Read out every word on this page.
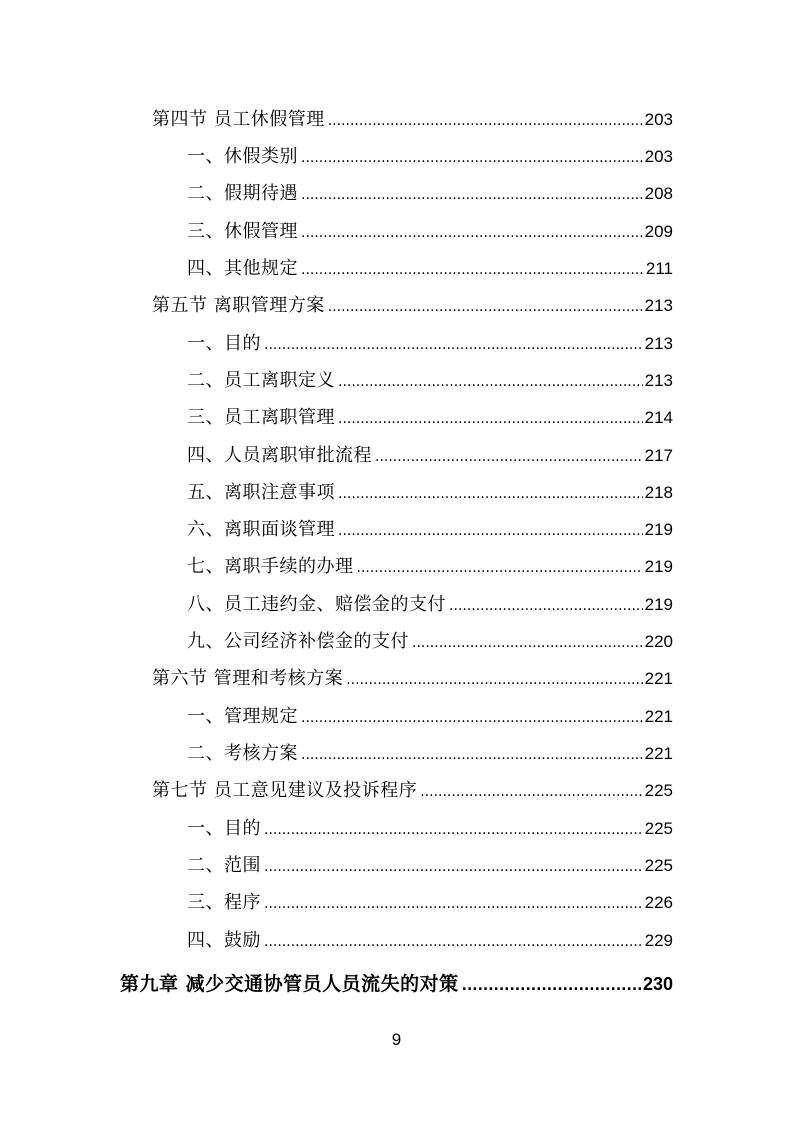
第四节 员工休假管理 .....	203
一、休假类别 .....	203
二、假期待遇 .....	208
三、休假管理 .....	209
四、其他规定 .....	211
第五节 离职管理方案 .....	213
一、目的 .....	213
二、员工离职定义 .....	213
三、员工离职管理 .....	214
四、人员离职审批流程 .....	217
五、离职注意事项 .....	218
六、离职面谈管理 .....	219
七、离职手续的办理 .....	219
八、员工违约金、赔偿金的支付 .....	219
九、公司经济补偿金的支付 .....	220
第六节 管理和考核方案 .....	221
一、管理规定 .....	221
二、考核方案 .....	221
第七节 员工意见建议及投诉程序 .....	225
一、目的 .....	225
二、范围 .....	225
三、程序 .....	226
四、鼓励 .....	229
第九章 减少交通协管员人员流失的对策 .....	230
9
